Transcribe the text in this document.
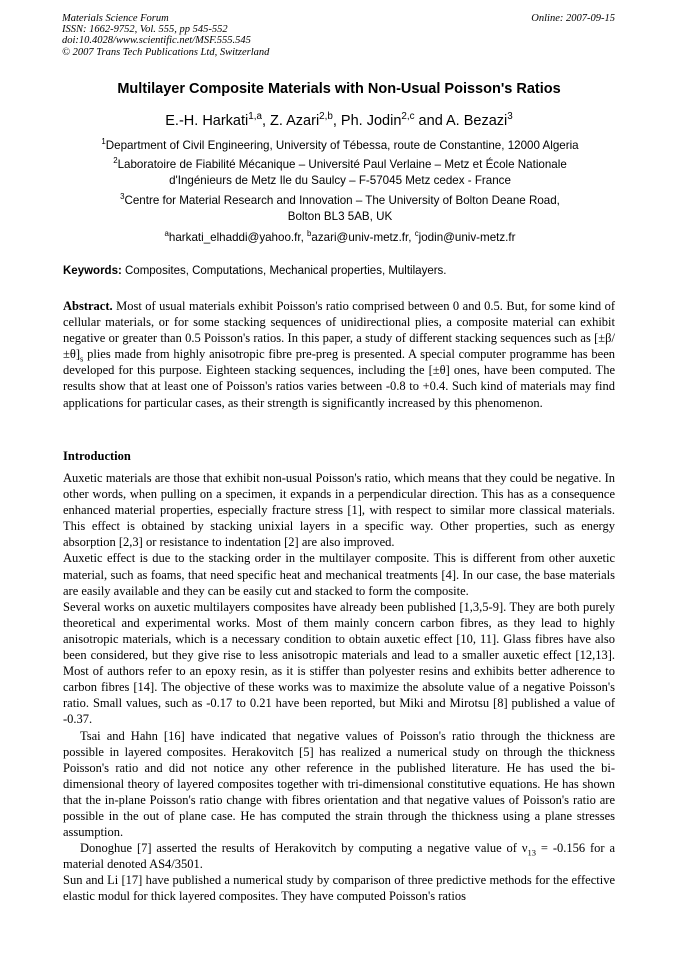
Materials Science Forum
ISSN: 1662-9752, Vol. 555, pp 545-552
doi:10.4028/www.scientific.net/MSF.555.545
© 2007 Trans Tech Publications Ltd, Switzerland
Online: 2007-09-15
Multilayer Composite Materials with Non-Usual Poisson's Ratios
E.-H. Harkati$^{1,a}$, Z. Azari$^{2,b}$, Ph. Jodin$^{2,c}$ and A. Bezazi$^3$
$^1$Department of Civil Engineering, University of Tébessa, route de Constantine, 12000 Algeria
$^2$Laboratoire de Fiabilité Mécanique – Université Paul Verlaine – Metz et École Nationale
d'Ingénieurs de Metz Ile du Saulcy – F-57045 Metz cedex - France
$^3$Centre for Material Research and Innovation – The University of Bolton Deane Road,
Bolton BL3 5AB, UK
$^a$harkati_elhaddi@yahoo.fr, $^b$azari@univ-metz.fr, $^c$jodin@univ-metz.fr
Keywords: Composites, Computations, Mechanical properties, Multilayers.

Abstract. Most of usual materials exhibit Poisson's ratio comprised between 0 and 0.5. But, for some kind of cellular materials, or for some stacking sequences of unidirectional plies, a composite material can exhibit negative or greater than 0.5 Poisson's ratios. In this paper, a study of different stacking sequences such as $[\pm\beta/\pm\theta]_s$ plies made from highly anisotropic fibre pre-preg is presented. A special computer programme has been developed for this purpose. Eighteen stacking sequences, including the [±θ] ones, have been computed. The results show that at least one of Poisson's ratios varies between -0.8 to +0.4. Such kind of materials may find applications for particular cases, as their strength is significantly increased by this phenomenon.

Introduction

Auxetic materials are those that exhibit non-usual Poisson's ratio, which means that they could be negative. In other words, when pulling on a specimen, it expands in a perpendicular direction. This has as a consequence enhanced material properties, especially fracture stress [1], with respect to similar more classical materials. This effect is obtained by stacking unixial layers in a specific way. Other properties, such as energy absorption [2,3] or resistance to indentation [2] are also improved.

Auxetic effect is due to the stacking order in the multilayer composite. This is different from other auxetic material, such as foams, that need specific heat and mechanical treatments [4]. In our case, the base materials are easily available and they can be easily cut and stacked to form the composite.

Several works on auxetic multilayers composites have already been published [1,3,5-9]. They are both purely theoretical and experimental works. Most of them mainly concern carbon fibres, as they lead to highly anisotropic materials, which is a necessary condition to obtain auxetic effect [10, 11]. Glass fibres have also been considered, but they give rise to less anisotropic materials and lead to a smaller auxetic effect [12,13]. Most of authors refer to an epoxy resin, as it is stiffer than polyester resins and exhibits better adherence to carbon fibres [14]. The objective of these works was to maximize the absolute value of a negative Poisson's ratio. Small values, such as -0.17 to 0.21 have been reported, but Miki and Mirotsu [8] published a value of -0.37.

Tsai and Hahn [16] have indicated that negative values of Poisson's ratio through the thickness are possible in layered composites. Herakovitch [5] has realized a numerical study on through the thickness Poisson's ratio and did not notice any other reference in the published literature. He has used the bi-dimensional theory of layered composites together with tri-dimensional constitutive equations. He has shown that the in-plane Poisson's ratio change with fibres orientation and that negative values of Poisson's ratio are possible in the out of plane case. He has computed the strain through the thickness using a plane stresses assumption.

Donoghue [7] asserted the results of Herakovitch by computing a negative value of $\nu_{13} = -0.156$ for a material denoted AS4/3501.

Sun and Li [17] have published a numerical study by comparison of three predictive methods for the effective elastic modul for thick layered composites. They have computed Poisson's ratios
